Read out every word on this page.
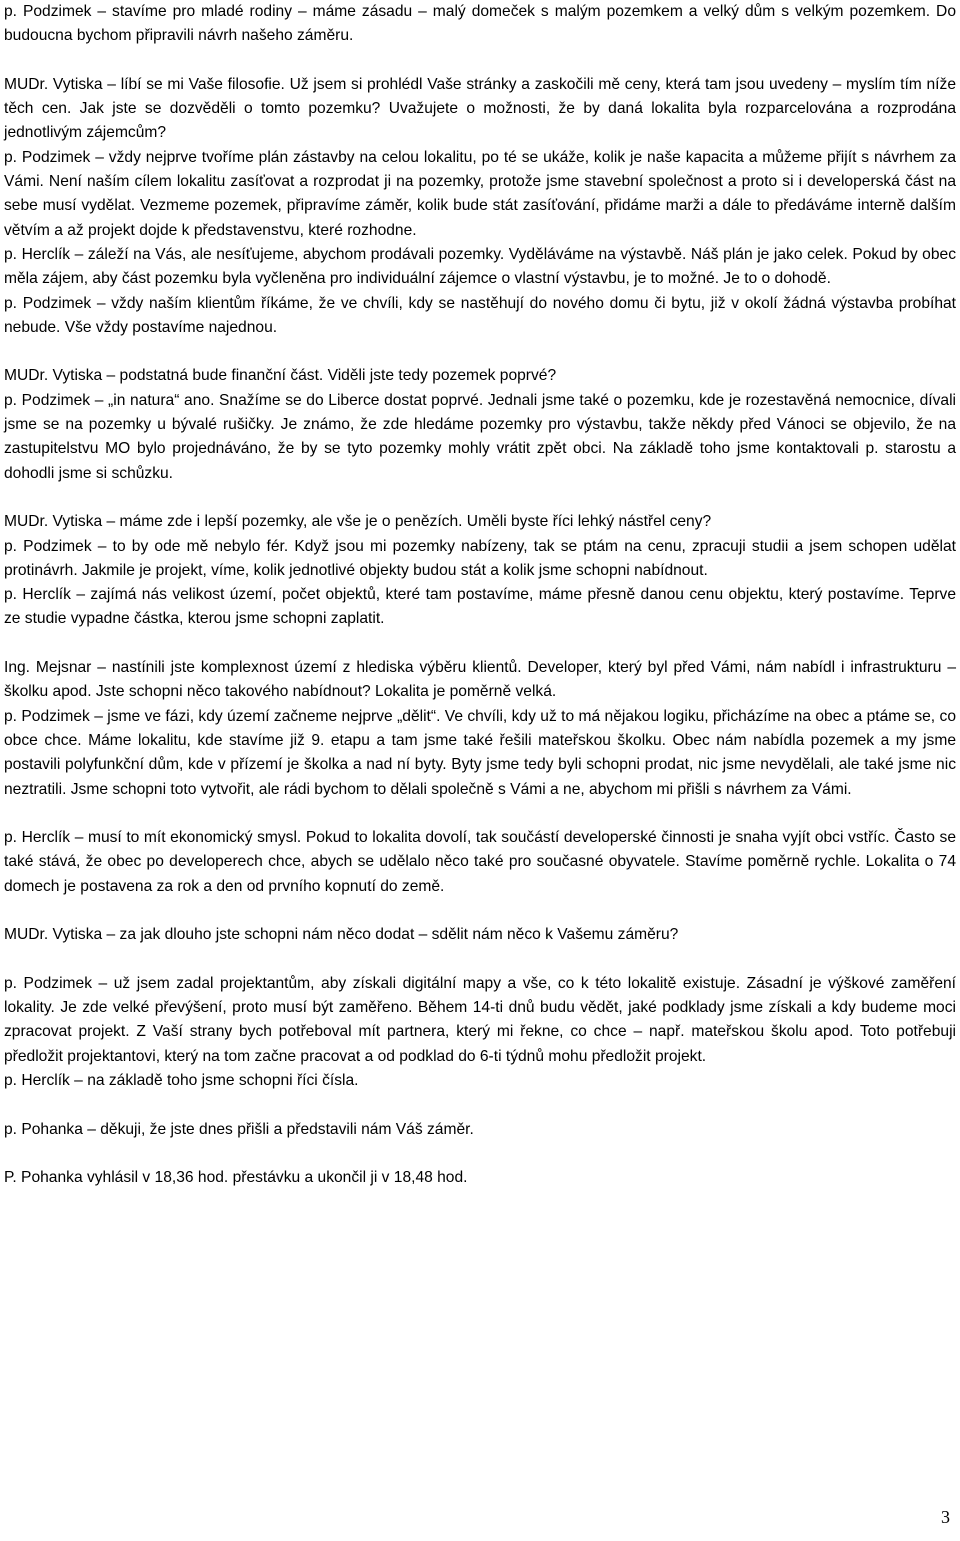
p. Podzimek – stavíme pro mladé rodiny – máme zásadu – malý domeček s malým pozemkem a velký dům s velkým pozemkem. Do budoucna bychom připravili návrh našeho záměru.

MUDr. Vytiska – líbí se mi Vaše filosofie. Už jsem si prohlédl Vaše stránky a zaskočili mě ceny, která tam jsou uvedeny – myslím tím níže těch cen. Jak jste se dozvěděli o tomto pozemku? Uvažujete o možnosti, že by daná lokalita byla rozparcelována a rozprodána jednotlivým zájemcům?

p. Podzimek – vždy nejprve tvoříme plán zástavby na celou lokalitu, po té se ukáže, kolik je naše kapacita a můžeme přijít s návrhem za Vámi. Není naším cílem lokalitu zasíťovat a rozprodat ji na pozemky, protože jsme stavební společnost a proto si i developerská část na sebe musí vydělat. Vezmeme pozemek, připravíme záměr, kolik bude stát zasíťování, přidáme marži a dále to předáváme interně dalším větvím a až projekt dojde k představenstvu, které rozhodne.

p. Herclík – záleží na Vás, ale nesíťujeme, abychom prodávali pozemky. Vyděláváme na výstavbě. Náš plán je jako celek. Pokud by obec měla zájem, aby část pozemku byla vyčleněna pro individuální zájemce o vlastní výstavbu, je to možné. Je to o dohodě.

p. Podzimek – vždy naším klientům říkáme, že ve chvíli, kdy se nastěhují do nového domu či bytu, již v okolí žádná výstavba probíhat nebude. Vše vždy postavíme najednou.

MUDr. Vytiska – podstatná bude finanční část. Viděli jste tedy pozemek poprvé?

p. Podzimek – „in natura“ ano. Snažíme se do Liberce dostat poprvé. Jednali jsme také o pozemku, kde je rozestavěná nemocnice, dívali jsme se na pozemky u bývalé rušičky. Je známo, že zde hledáme pozemky pro výstavbu, takže někdy před Vánoci se objevilo, že na zastupitelstvu MO bylo projednáváno, že by se tyto pozemky mohly vrátit zpět obci. Na základě toho jsme kontaktovali p. starostu a dohodli jsme si schůzku.

MUDr. Vytiska – máme zde i lepší pozemky, ale vše je o penězích. Uměli byste říci lehký nástřel ceny?

p. Podzimek – to by ode mě nebylo fér. Když jsou mi pozemky nabízeny, tak se ptám na cenu, zpracuji studii a jsem schopen udělat protinávrh. Jakmile je projekt, víme, kolik jednotlivé objekty budou stát a kolik jsme schopni nabídnout.

p. Herclík – zajímá nás velikost území, počet objektů, které tam postavíme, máme přesně danou cenu objektu, který postavíme. Teprve ze studie vypadne částka, kterou jsme schopni zaplatit.

Ing. Mejsnar – nastínili jste komplexnost území z hlediska výběru klientů. Developer, který byl před Vámi, nám nabídl i infrastrukturu – školku apod. Jste schopni něco takového nabídnout? Lokalita je poměrně velká.

p. Podzimek – jsme ve fázi, kdy území začneme nejprve „dělit“. Ve chvíli, kdy už to má nějakou logiku, přicházíme na obec a ptáme se, co obce chce. Máme lokalitu, kde stavíme již 9. etapu a tam jsme také řešili mateřskou školku. Obec nám nabídla pozemek a my jsme postavili polyfunkční dům, kde v přízemí je školka a nad ní byty. Byty jsme tedy byli schopni prodat, nic jsme nevydělali, ale také jsme nic neztratili. Jsme schopni toto vytvořit, ale rádi bychom to dělali společně s Vámi a ne, abychom mi přišli s návrhem za Vámi.

p. Herclík – musí to mít ekonomický smysl. Pokud to lokalita dovolí, tak součástí developerské činnosti je snaha vyjít obci vstříc. Často se také stává, že obec po developerech chce, abych se udělalo něco také pro současné obyvatele. Stavíme poměrně rychle. Lokalita o 74 domech je postavena za rok a den od prvního kopnutí do země.

MUDr. Vytiska – za jak dlouho jste schopni nám něco dodat – sdělit nám něco k Vašemu záměru?

p. Podzimek – už jsem zadal projektantům, aby získali digitální mapy a vše, co k této lokalitě existuje. Zásadní je výškové zaměření lokality. Je zde velké převýšení, proto musí být zaměřeno. Během 14-ti dnů budu vědět, jaké podklady jsme získali a kdy budeme moci zpracovat projekt. Z Vaší strany bych potřeboval mít partnera, který mi řekne, co chce – např. mateřskou školu apod. Toto potřebuji předložit projektantovi, který na tom začne pracovat a od podklad do 6-ti týdnů mohu předložit projekt.

p. Herclík – na základě toho jsme schopni říci čísla.

p. Pohanka – děkuji, že jste dnes přišli a představili nám Váš záměr.

P. Pohanka vyhlásil v 18,36 hod. přestávku a ukončil ji v 18,48 hod.

3
